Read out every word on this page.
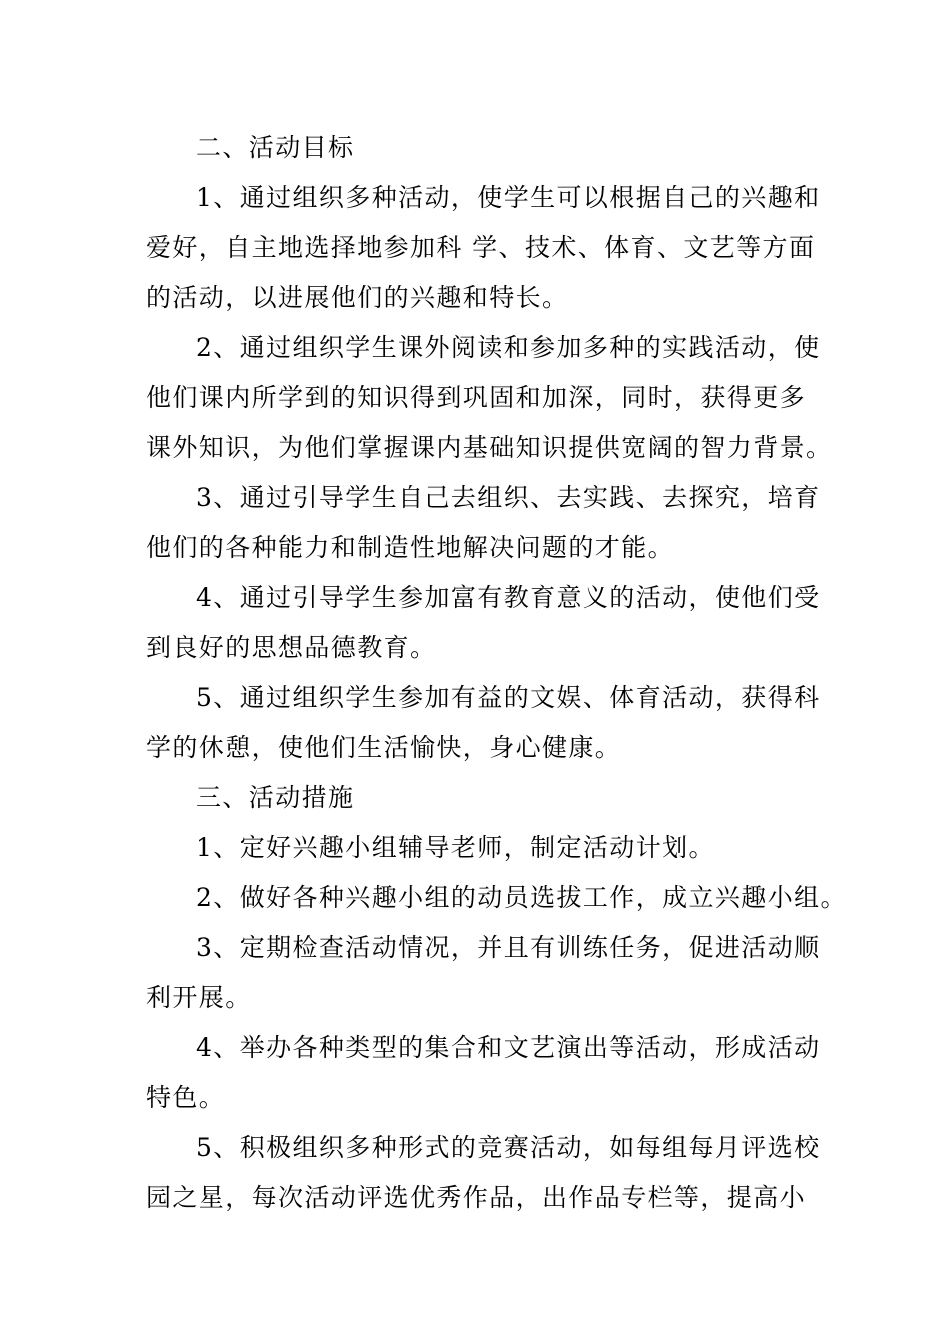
二、活动目标
1、通过组织多种活动，使学生可以根据自己的兴趣和
爱好，自主地选择地参加科 学、技术、体育、文艺等方面
的活动，以进展他们的兴趣和特长。
2、通过组织学生课外阅读和参加多种的实践活动，使
他们课内所学到的知识得到巩固和加深，同时，获得更多
课外知识，为他们掌握课内基础知识提供宽阔的智力背景。
3、通过引导学生自己去组织、去实践、去探究，培育
他们的各种能力和制造性地解决问题的才能。
4、通过引导学生参加富有教育意义的活动，使他们受
到良好的思想品德教育。
5、通过组织学生参加有益的文娱、体育活动，获得科
学的休憩，使他们生活愉快，身心健康。
三、活动措施
1、定好兴趣小组辅导老师，制定活动计划。
2、做好各种兴趣小组的动员选拔工作，成立兴趣小组。
3、定期检查活动情况，并且有训练任务，促进活动顺
利开展。
4、举办各种类型的集合和文艺演出等活动，形成活动
特色。
5、积极组织多种形式的竞赛活动，如每组每月评选校
园之星，每次活动评选优秀作品，出作品专栏等，提高小
